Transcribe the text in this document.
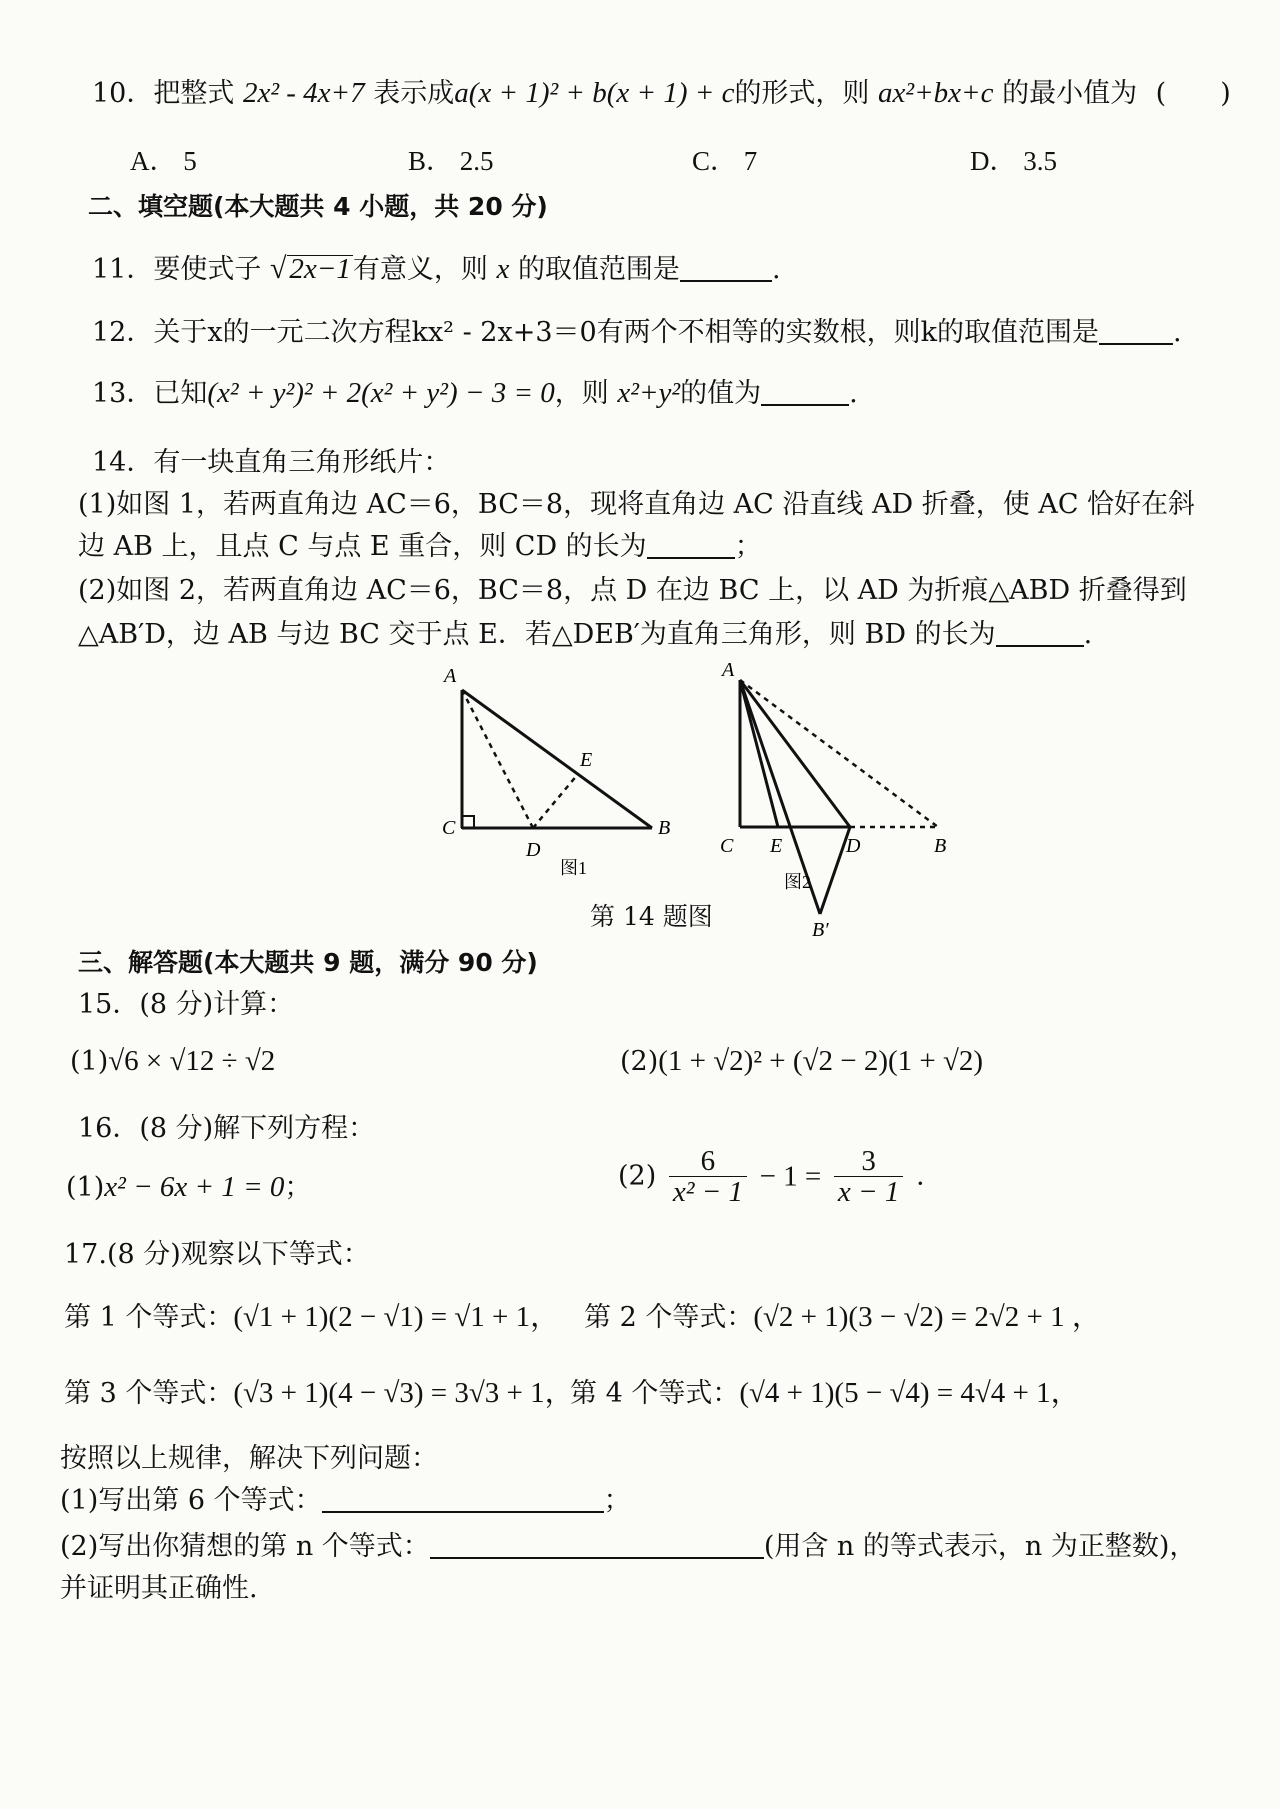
10．把整式 2x² - 4x+7 表示成a(x + 1)² + b(x + 1) + c的形式，则 ax²+bx+c 的最小值为 (　　)
A． 5	B． 2.5	C． 7	D． 3.5
二、填空题(本大题共 4 小题，共 20 分)
11．要使式子 √ 2x−1有意义，则 x 的取值范围是	.
12．关于x的一元二次方程kx² - 2x+3＝0有两个不相等的实数根，则k的取值范围是	.
13．已知(x² + y²)² + 2(x² + y²) − 3 = 0，则 x²+y²的值为	.
14．有一块直角三角形纸片：
(1)如图 1，若两直角边 AC＝6，BC＝8，现将直角边 AC 沿直线 AD 折叠，使 AC 恰好在斜
边 AB 上，且点 C 与点 E 重合，则 CD 的长为	；
(2)如图 2，若两直角边 AC＝6，BC＝8，点 D 在边 BC 上，以 AD 为折痕△ABD 折叠得到
△AB′D，边 AB 与边 BC 交于点 E．若△DEB′为直角三角形，则 BD 的长为	.
A
C
D
E
B
图1
A
C E	D	B
B′
图2
第 14 题图
三、解答题(本大题共 9 题，满分 90 分)
15．(8 分)计算：
(1)√6 × √12 ÷ √2	(2)(1 + √2)² + (√2 − 2)(1 + √2)
16．(8 分)解下列方程：
(1)x² − 6x + 1 = 0；	$(2) \frac{6}{\text{x² − 1}} - 1 = \frac{3}{x - 1}$ .
17.(8 分)观察以下等式：
第 1 个等式：(√1 + 1)(2 − √1) = √1 + 1， 第 2 个等式：(√2 + 1)(3 − √2) = 2√2 + 1 ，
第 3 个等式：(√3 + 1)(4 − √3) = 3√3 + 1，
第 4 个等式：(√4 + 1)(5 − √4) = 4√4 + 1，
按照以上规律，解决下列问题：
(1)写出第 6 个等式：	；
(2)写出你猜想的第 n 个等式：	(用含 n 的等式表示，n 为正整数)，
并证明其正确性.
